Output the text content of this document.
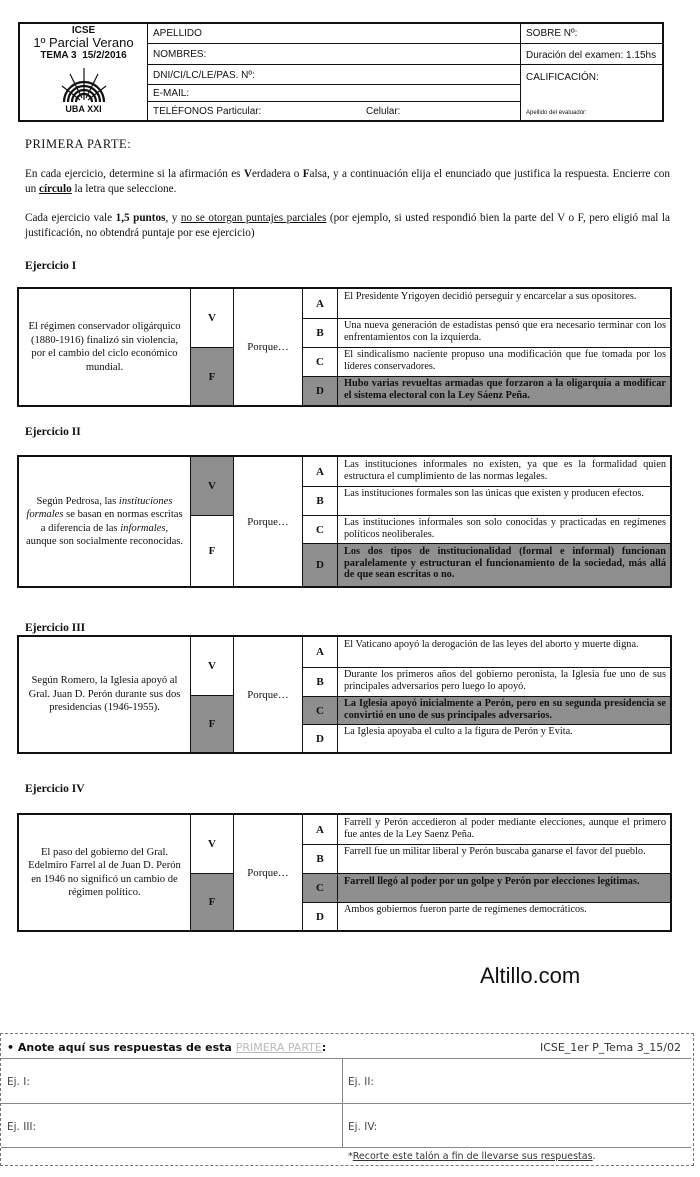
ICSE
1º Parcial Verano
TEMA 3 15/2/2016
UBA XXI
APELLIDO
NOMBRES:
DNI/CI/LC/LE/PAS. Nº:
E-MAIL:
TELÉFONOS Particular:	Celular:
SOBRE Nº:
Duración del examen: 1.15hs
CALIFICACIÓN:
Apellido del evaluador:
PRIMERA PARTE:
En cada ejercicio, determine si la afirmación es Verdadera o Falsa, y a continuación elija el enunciado que justifica la respuesta. Encierre con un círculo la letra que seleccione.
Cada ejercicio vale 1,5 puntos, y no se otorgan puntajes parciales (por ejemplo, si usted respondió bien la parte del V o F, pero eligió mal la justificación, no obtendrá puntaje por ese ejercicio)
Ejercicio I
El régimen conservador oligárquico (1880-1916) finalizó sin violencia, por el cambio del ciclo económico mundial.
V
F
Porque…
A
El Presidente Yrigoyen decidió perseguir y encarcelar a sus opositores.
B
Una nueva generación de estadistas pensó que era necesario terminar con los enfrentamientos con la izquierda.
C
El sindicalismo naciente propuso una modificación que fue tomada por los líderes conservadores.
D
Hubo varias revueltas armadas que forzaron a la oligarquía a modificar el sistema electoral con la Ley Sáenz Peña.
Ejercicio II
Según Pedrosa, las instituciones formales se basan en normas escritas a diferencia de las informales, aunque son socialmente reconocidas.
V
F
Porque…
A
Las instituciones informales no existen, ya que es la formalidad quien estructura el cumplimiento de las normas legales.
B
Las instituciones formales son las únicas que existen y producen efectos.
C
Las instituciones informales son solo conocidas y practicadas en regímenes políticos neoliberales.
D
Los dos tipos de institucionalidad (formal e informal) funcionan paralelamente y estructuran el funcionamiento de la sociedad, más allá de que sean escritas o no.
Ejercicio III
Según Romero, la Iglesia apoyó al Gral. Juan D. Perón durante sus dos presidencias (1946-1955).
V
F
Porque…
A
El Vaticano apoyó la derogación de las leyes del aborto y muerte digna.
B
Durante los primeros años del gobierno peronista, la Iglesia fue uno de sus principales adversarios pero luego lo apoyó.
C
La Iglesia apoyó inicialmente a Perón, pero en su segunda presidencia se convirtió en uno de sus principales adversarios.
D
La Iglesia apoyaba el culto a la figura de Perón y Evita.
Ejercicio IV
El paso del gobierno del Gral. Edelmiro Farrel al de Juan D. Perón en 1946 no significó un cambio de régimen político.
V
F
Porque…
A
Farrell y Perón accedieron al poder mediante elecciones, aunque el primero fue antes de la Ley Saenz Peña.
B
Farrell fue un militar liberal y Perón buscaba ganarse el favor del pueblo.
C
Farrell llegó al poder por un golpe y Perón por elecciones legítimas.
D
Ambos gobiernos fueron parte de regímenes democráticos.
Altillo.com
• Anote aquí sus respuestas de esta PRIMERA PARTE:	ICSE_1er P_Tema 3_15/02
Ej. I:	Ej. II:
Ej. III:	Ej. IV:
*Recorte este talón a fin de llevarse sus respuestas.
